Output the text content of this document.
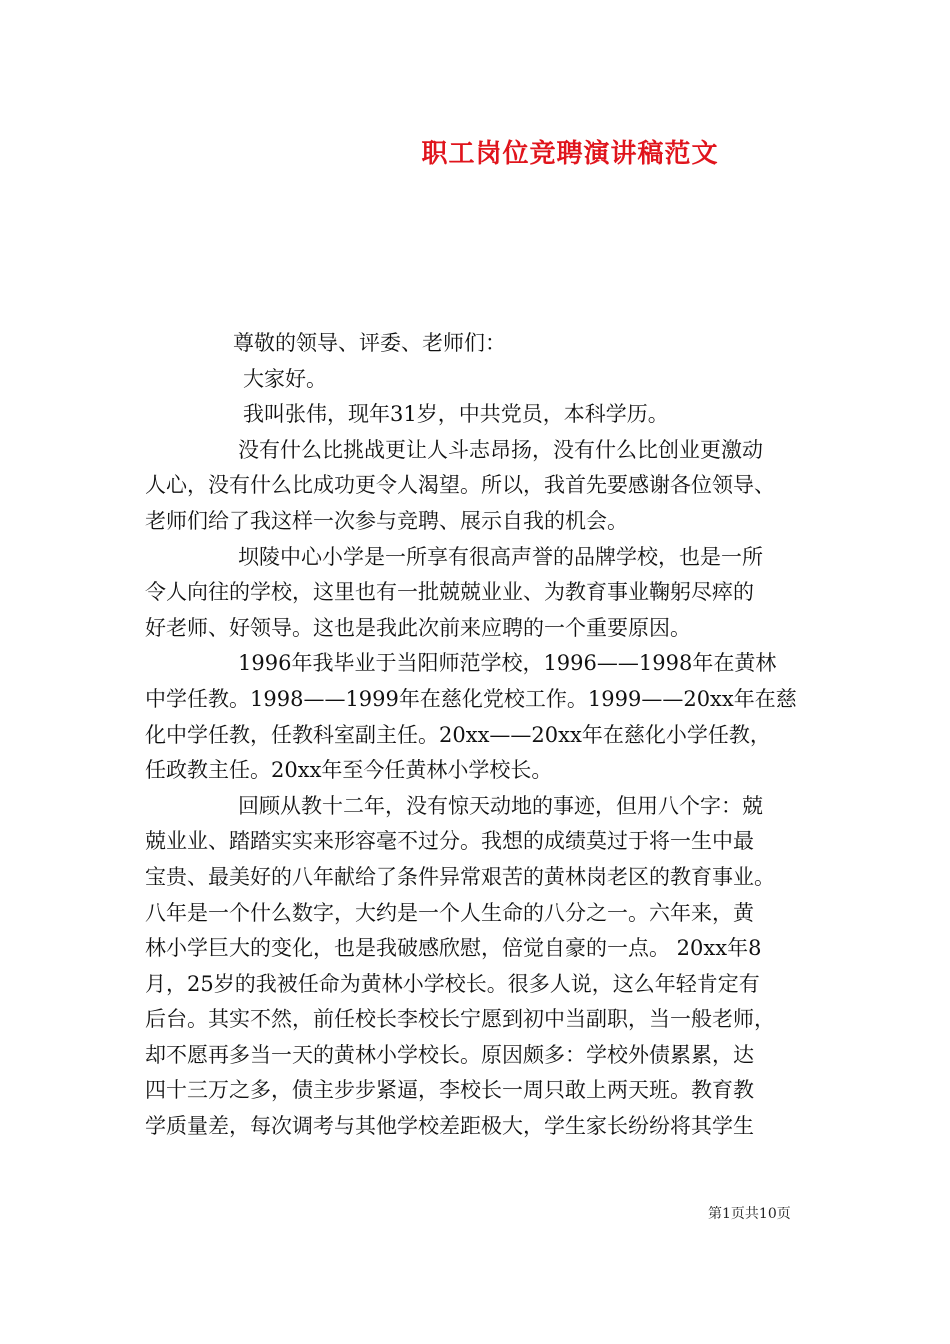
职工岗位竞聘演讲稿范文
尊敬的领导、评委、老师们：
大家好。
我叫张伟，现年31岁，中共党员，本科学历。
没有什么比挑战更让人斗志昂扬，没有什么比创业更激动
人心，没有什么比成功更令人渴望。所以，我首先要感谢各位领导、
老师们给了我这样一次参与竞聘、展示自我的机会。
坝陵中心小学是一所享有很高声誉的品牌学校，也是一所
令人向往的学校，这里也有一批兢兢业业、为教育事业鞠躬尽瘁的
好老师、好领导。这也是我此次前来应聘的一个重要原因。
1996年我毕业于当阳师范学校，1996——1998年在黄林
中学任教。1998——1999年在慈化党校工作。1999——20xx年在慈
化中学任教，任教科室副主任。20xx——20xx年在慈化小学任教，
任政教主任。20xx年至今任黄林小学校长。
回顾从教十二年，没有惊天动地的事迹，但用八个字：兢
兢业业、踏踏实实来形容毫不过分。我想的成绩莫过于将一生中最
宝贵、最美好的八年献给了条件异常艰苦的黄林岗老区的教育事业。
八年是一个什么数字，大约是一个人生命的八分之一。六年来，黄
林小学巨大的变化，也是我破感欣慰，倍觉自豪的一点。 20xx年8
月，25岁的我被任命为黄林小学校长。很多人说，这么年轻肯定有
后台。其实不然，前任校长李校长宁愿到初中当副职，当一般老师，
却不愿再多当一天的黄林小学校长。原因颇多：学校外债累累，达
四十三万之多，债主步步紧逼，李校长一周只敢上两天班。教育教
学质量差，每次调考与其他学校差距极大，学生家长纷纷将其学生
第1页共10页
